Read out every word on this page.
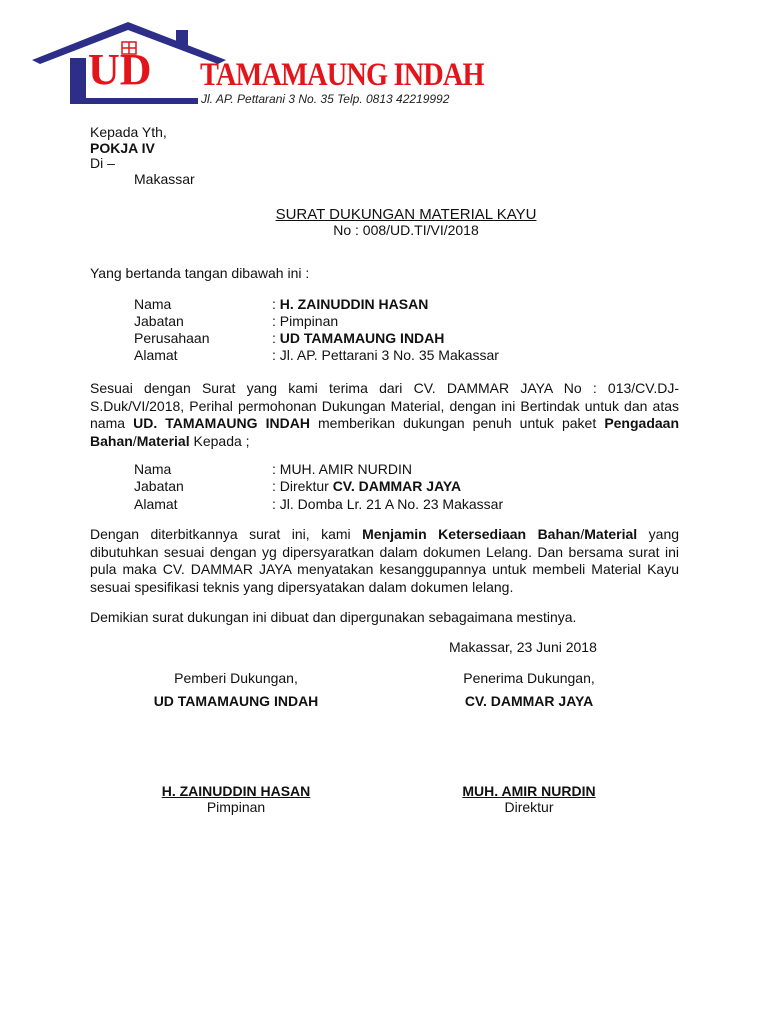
UD TAMAMAUNG INDAH
Jl. AP. Pettarani 3 No. 35 Telp. 0813 42219992
Kepada Yth,
POKJA IV
Di –
Makassar
SURAT DUKUNGAN MATERIAL KAYU
No : 008/UD.TI/VI/2018
Yang bertanda tangan dibawah ini :
Nama	: H. ZAINUDDIN HASAN
Jabatan	: Pimpinan
Perusahaan	: UD TAMAMAUNG INDAH
Alamat	: Jl. AP. Pettarani 3 No. 35 Makassar
Sesuai dengan Surat yang kami terima dari CV. DAMMAR JAYA No : 013/CV.DJ-S.Duk/VI/2018, Perihal permohonan Dukungan Material, dengan ini Bertindak untuk dan atas nama UD. TAMAMAUNG INDAH memberikan dukungan penuh untuk paket Pengadaan Bahan/Material Kepada ;
Nama	: MUH. AMIR NURDIN
Jabatan	: Direktur CV. DAMMAR JAYA
Alamat	: Jl. Domba Lr. 21 A No. 23 Makassar
Dengan diterbitkannya surat ini, kami Menjamin Ketersediaan Bahan/Material yang dibutuhkan sesuai dengan yg dipersyaratkan dalam dokumen Lelang. Dan bersama surat ini pula maka CV. DAMMAR JAYA menyatakan kesanggupannya untuk membeli Material Kayu sesuai spesifikasi teknis yang dipersyatakan dalam dokumen lelang.
Demikian surat dukungan ini dibuat dan dipergunakan sebagaimana mestinya.
Makassar, 23 Juni 2018
Pemberi Dukungan,
UD TAMAMAUNG INDAH
H. ZAINUDDIN HASAN
Pimpinan
Penerima Dukungan,
CV. DAMMAR JAYA
MUH. AMIR NURDIN
Direktur
